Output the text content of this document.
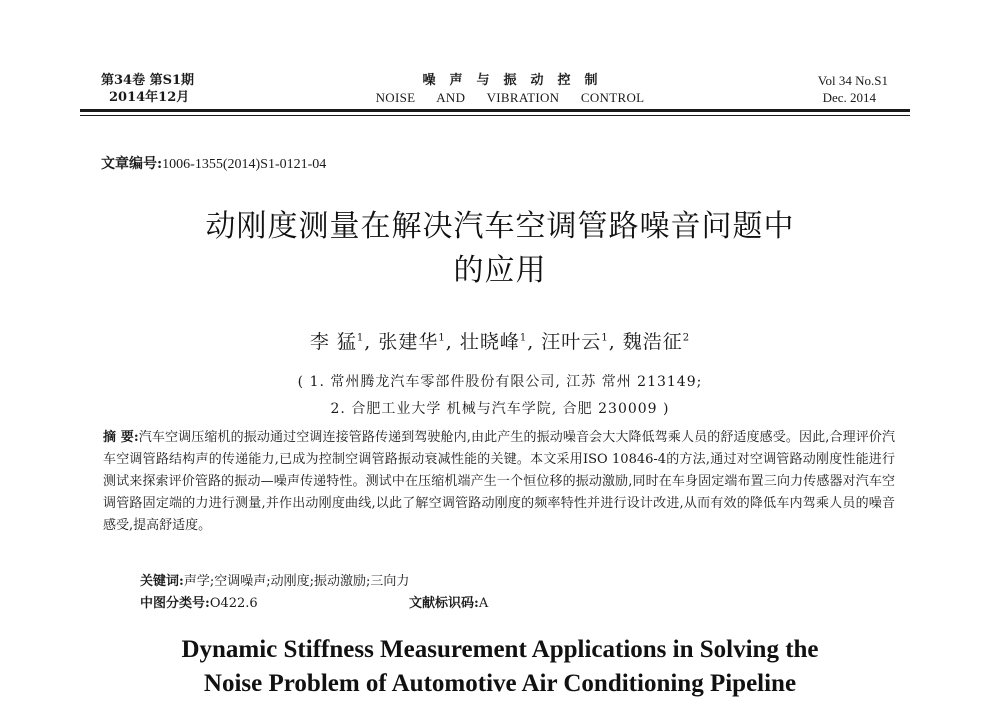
第34卷 第S1期
2014年12月
噪声与振动控制
NOISE AND VIBRATION CONTROL
Vol 34 No.S1
Dec. 2014
文章编号:1006-1355(2014)S1-0121-04
动刚度测量在解决汽车空调管路噪音问题中
的应用
李 猛$^1$, 张建华$^1$, 壮晓峰$^1$, 汪叶云$^1$, 魏浩征$^2$
( 1. 常州腾龙汽车零部件股份有限公司, 江苏 常州 213149;
2. 合肥工业大学 机械与汽车学院, 合肥 230009 )
摘 要:汽车空调压缩机的振动通过空调连接管路传递到驾驶舱内,由此产生的振动噪音会大大降低驾乘人员的舒适度感受。因此,合理评价汽车空调管路结构声的传递能力,已成为控制空调管路振动衰减性能的关键。本文采用ISO 10846-4的方法,通过对空调管路动刚度性能进行测试来探索评价管路的振动—噪声传递特性。测试中在压缩机端产生一个恒位移的振动激励,同时在车身固定端布置三向力传感器对汽车空调管路固定端的力进行测量,并作出动刚度曲线,以此了解空调管路动刚度的频率特性并进行设计改进,从而有效的降低车内驾乘人员的噪音感受,提高舒适度。
关键词:声学;空调噪声;动刚度;振动激励;三向力
中图分类号:O422.6	文献标识码:A
Dynamic Stiffness Measurement Applications in Solving the
Noise Problem of Automotive Air Conditioning Pipeline
